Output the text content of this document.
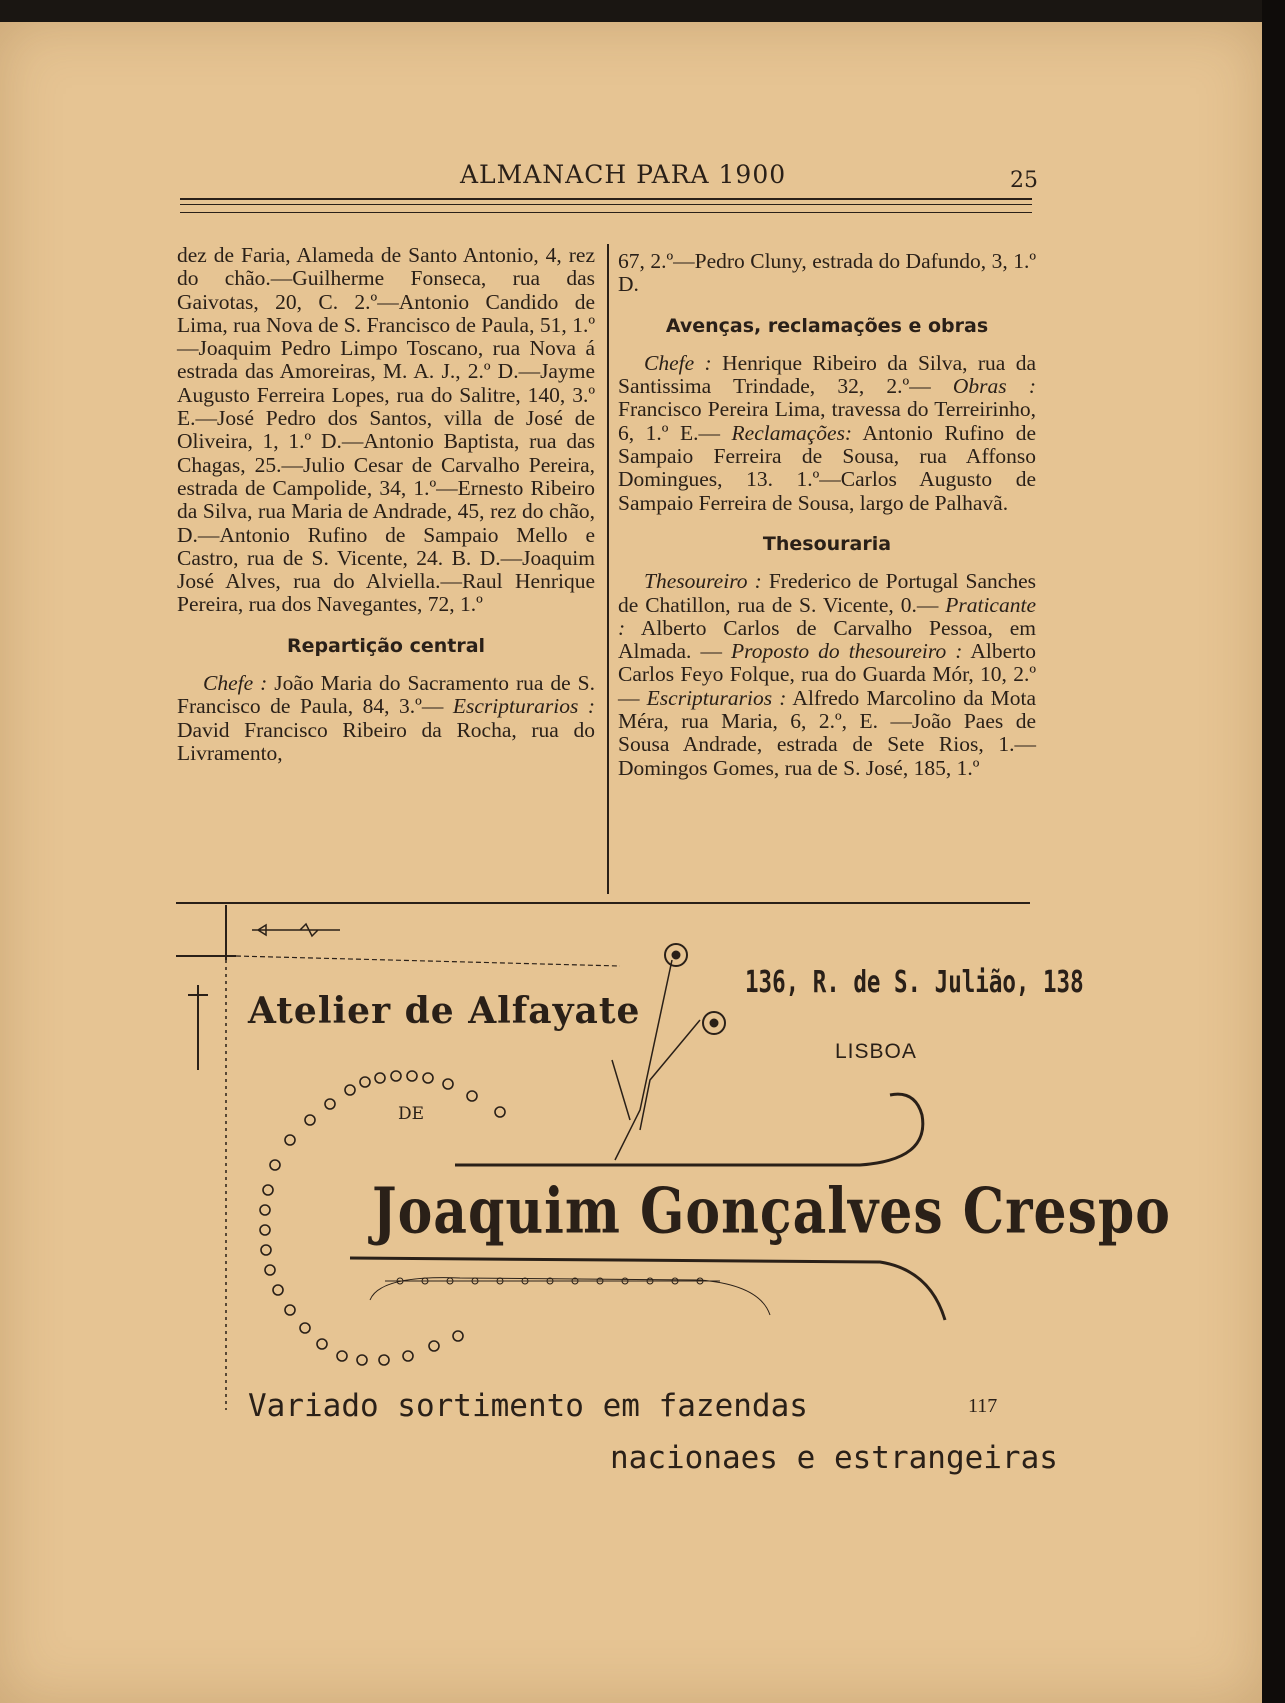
ALMANACH PARA 1900	25

dez de Faria, Alameda de Santo Antonio, 4, rez do chão.—Guilherme Fonseca, rua das Gaivotas, 20, C. 2.º—Antonio Candido de Lima, rua Nova de S. Francisco de Paula, 51, 1.º—Joaquim Pedro Limpo Toscano, rua Nova á estrada das Amoreiras, M. A. J., 2.º D.—Jayme Augusto Ferreira Lopes, rua do Salitre, 140, 3.º E.—José Pedro dos Santos, villa de José de Oliveira, 1, 1.º D.—Antonio Baptista, rua das Chagas, 25.—Julio Cesar de Carvalho Pereira, estrada de Campolide, 34, 1.º—Ernesto Ribeiro da Silva, rua Maria de Andrade, 45, rez do chão, D.—Antonio Rufino de Sampaio Mello e Castro, rua de S. Vicente, 24. B. D.—Joaquim José Alves, rua do Alviella.—Raul Henrique Pereira, rua dos Navegantes, 72, 1.º

Repartição central

Chefe : João Maria do Sacramento rua de S. Francisco de Paula, 84, 3.º— Escripturarios : David Francisco Ribeiro da Rocha, rua do Livramento,

67, 2.º—Pedro Cluny, estrada do Dafundo, 3, 1.º D.

Avenças, reclamações e obras

Chefe : Henrique Ribeiro da Silva, rua da Santissima Trindade, 32, 2.º— Obras : Francisco Pereira Lima, travessa do Terreirinho, 6, 1.º E.— Reclamações: Antonio Rufino de Sampaio Ferreira de Sousa, rua Affonso Domingues, 13. 1.º—Carlos Augusto de Sampaio Ferreira de Sousa, largo de Palhavã.

Thesouraria

Thesoureiro : Frederico de Portugal Sanches de Chatillon, rua de S. Vicente, 0.— Praticante : Alberto Carlos de Carvalho Pessoa, em Almada. — Proposto do thesoureiro : Alberto Carlos Feyo Folque, rua do Guarda Mór, 10, 2.º— Escripturarios : Alfredo Marcolino da Mota Méra, rua Maria, 6, 2.º, E. —João Paes de Sousa Andrade, estrada de Sete Rios, 1.—Domingos Gomes, rua de S. José, 185, 1.º

Atelier de Alfayate
136, R. de S. Julião, 138
LISBOA
DE
Joaquim Gonçalves Crespo
Variado sortimento em fazendas
nacionaes e estrangeiras
117
